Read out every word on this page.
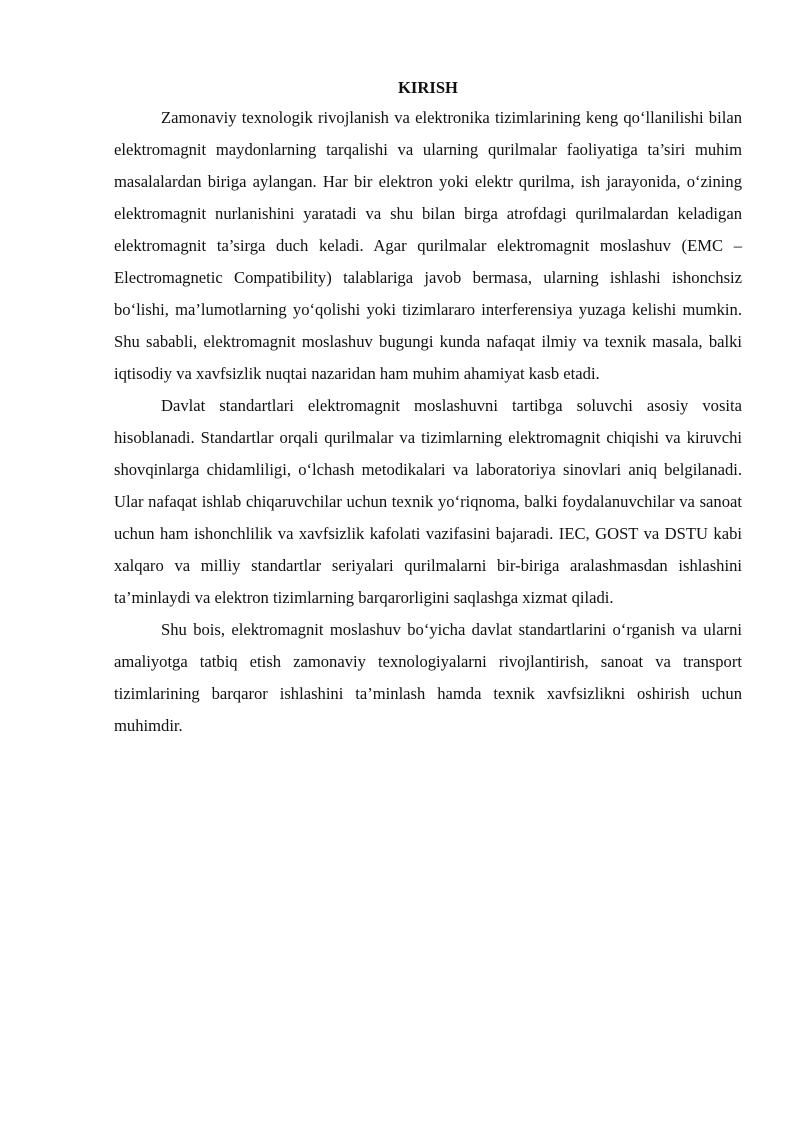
KIRISH

Zamonaviy texnologik rivojlanish va elektronika tizimlarining keng qo‘llanilishi bilan elektromagnit maydonlarning tarqalishi va ularning qurilmalar faoliyatiga ta’siri muhim masalalardan biriga aylangan. Har bir elektron yoki elektr qurilma, ish jarayonida, o‘zining elektromagnit nurlanishini yaratadi va shu bilan birga atrofdagi qurilmalardan keladigan elektromagnit ta’sirga duch keladi. Agar qurilmalar elektromagnit moslashuv (EMC – Electromagnetic Compatibility) talablariga javob bermasa, ularning ishlashi ishonchsiz bo‘lishi, ma’lumotlarning yo‘qolishi yoki tizimlararo interferensiya yuzaga kelishi mumkin. Shu sababli, elektromagnit moslashuv bugungi kunda nafaqat ilmiy va texnik masala, balki iqtisodiy va xavfsizlik nuqtai nazaridan ham muhim ahamiyat kasb etadi.

Davlat standartlari elektromagnit moslashuvni tartibga soluvchi asosiy vosita hisoblanadi. Standartlar orqali qurilmalar va tizimlarning elektromagnit chiqishi va kiruvchi shovqinlarga chidamliligi, o‘lchash metodikalari va laboratoriya sinovlari aniq belgilanadi. Ular nafaqat ishlab chiqaruvchilar uchun texnik yo‘riqnoma, balki foydalanuvchilar va sanoat uchun ham ishonchlilik va xavfsizlik kafolati vazifasini bajaradi. IEC, GOST va DSTU kabi xalqaro va milliy standartlar seriyalari qurilmalarni bir-biriga aralashmasdan ishlashini ta’minlaydi va elektron tizimlarning barqarorligini saqlashga xizmat qiladi.

Shu bois, elektromagnit moslashuv bo‘yicha davlat standartlarini o‘rganish va ularni amaliyotga tatbiq etish zamonaviy texnologiyalarni rivojlantirish, sanoat va transport tizimlarining barqaror ishlashini ta’minlash hamda texnik xavfsizlikni oshirish uchun muhimdir.
